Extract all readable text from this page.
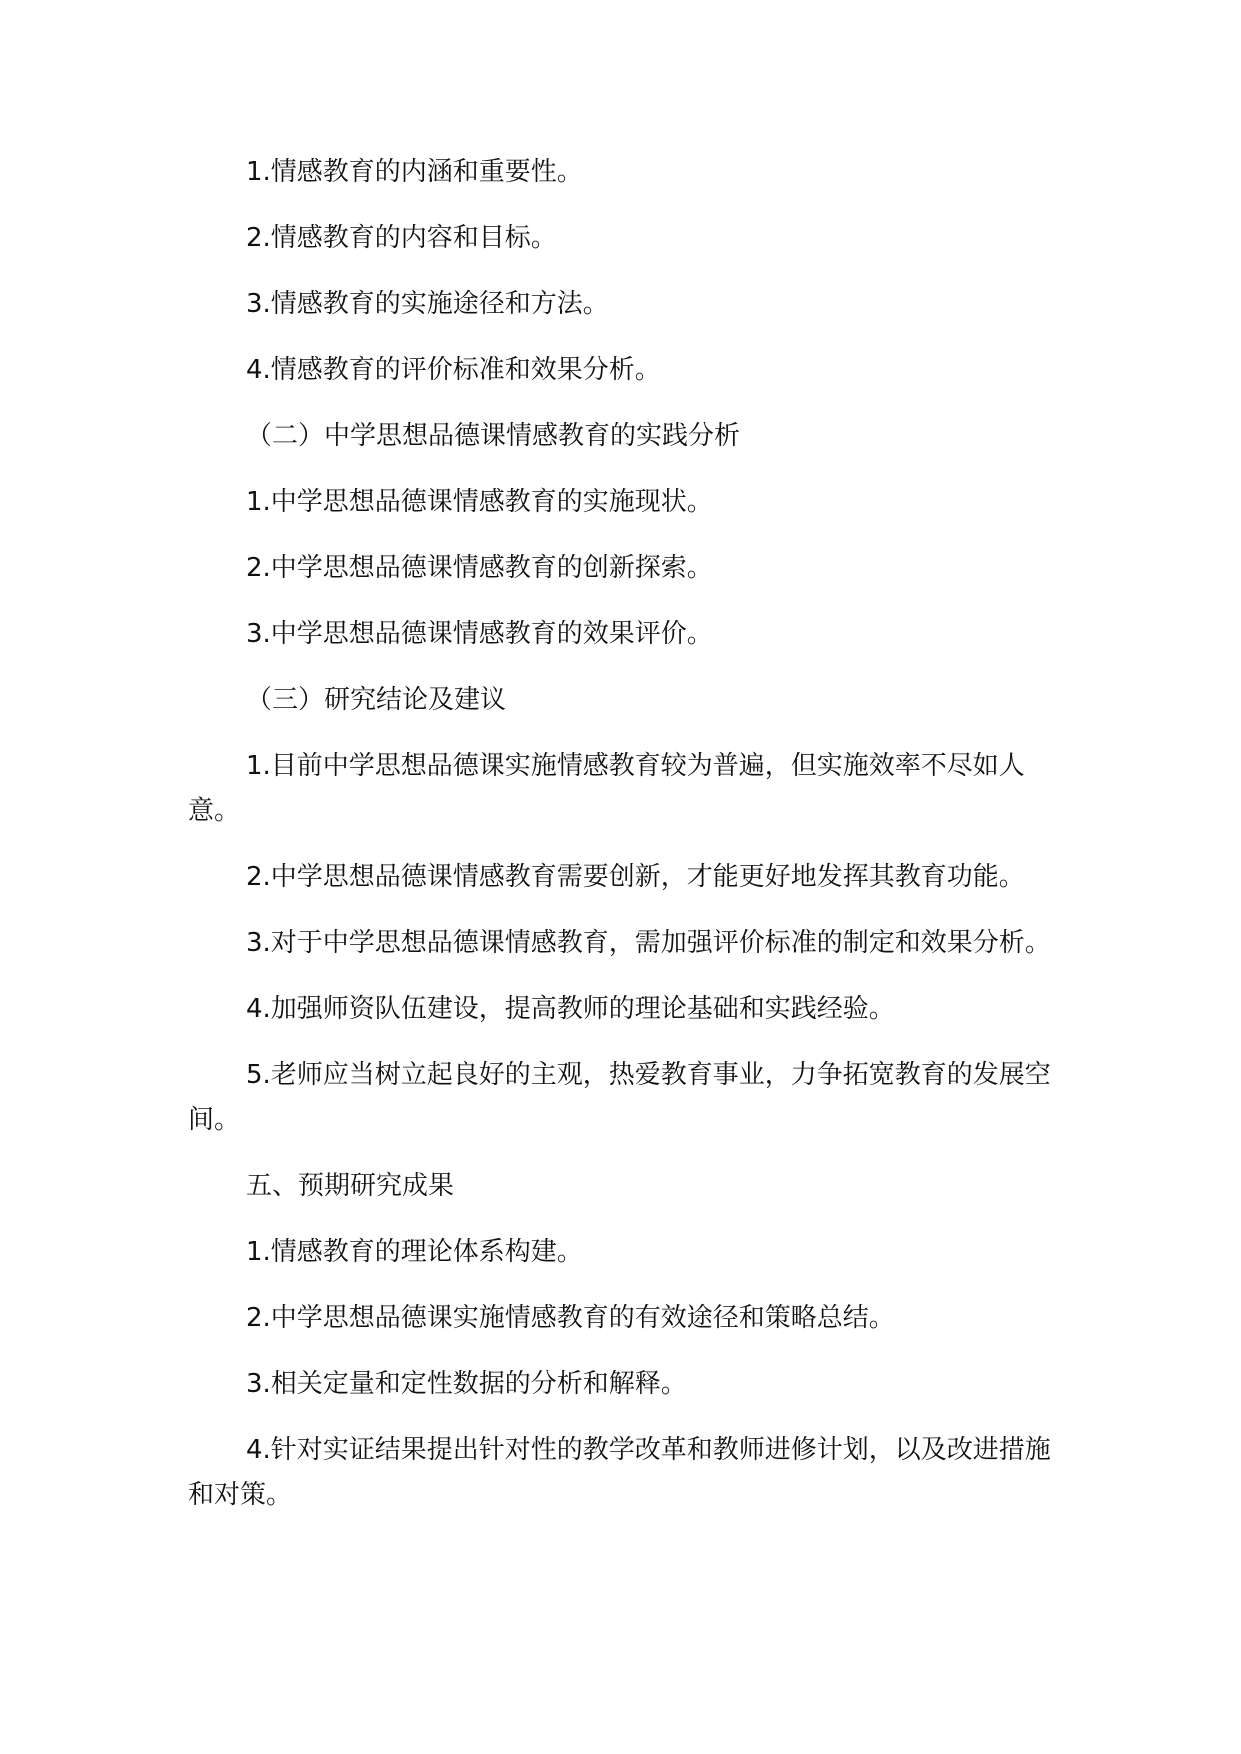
1.情感教育的内涵和重要性。

2.情感教育的内容和目标。

3.情感教育的实施途径和方法。

4.情感教育的评价标准和效果分析。

（二）中学思想品德课情感教育的实践分析

1.中学思想品德课情感教育的实施现状。

2.中学思想品德课情感教育的创新探索。

3.中学思想品德课情感教育的效果评价。

（三）研究结论及建议

1.目前中学思想品德课实施情感教育较为普遍，但实施效率不尽如人意。

2.中学思想品德课情感教育需要创新，才能更好地发挥其教育功能。

3.对于中学思想品德课情感教育，需加强评价标准的制定和效果分析。

4.加强师资队伍建设，提高教师的理论基础和实践经验。

5.老师应当树立起良好的主观，热爱教育事业，力争拓宽教育的发展空间。

五、预期研究成果

1.情感教育的理论体系构建。

2.中学思想品德课实施情感教育的有效途径和策略总结。

3.相关定量和定性数据的分析和解释。

4.针对实证结果提出针对性的教学改革和教师进修计划，以及改进措施和对策。
